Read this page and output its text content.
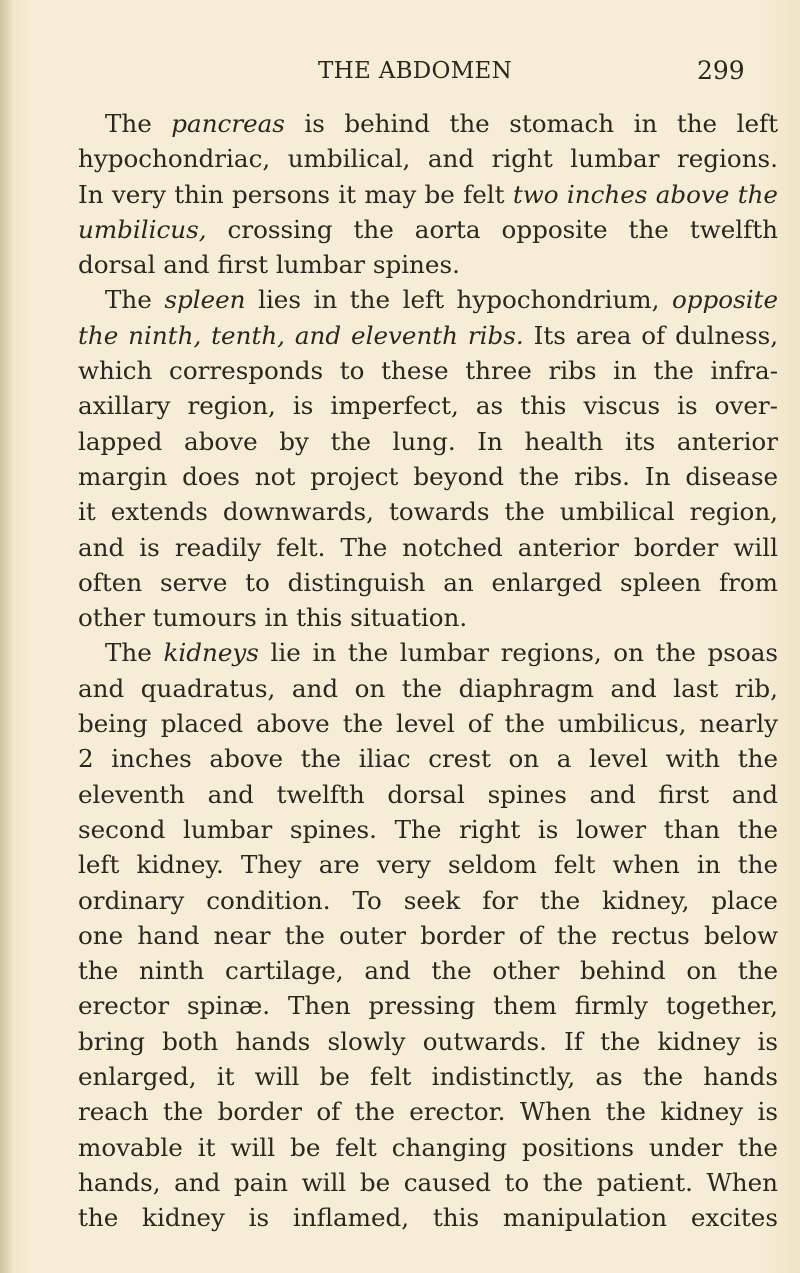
THE ABDOMEN	299
The pancreas is behind the stomach in the left
hypochondriac, umbilical, and right lumbar regions.
In very thin persons it may be felt two inches above the
umbilicus, crossing the aorta opposite the twelfth
dorsal and first lumbar spines.
The spleen lies in the left hypochondrium, opposite
the ninth, tenth, and eleventh ribs. Its area of dulness,
which corresponds to these three ribs in the infra-
axillary region, is imperfect, as this viscus is over-
lapped above by the lung. In health its anterior
margin does not project beyond the ribs. In disease
it extends downwards, towards the umbilical region,
and is readily felt. The notched anterior border will
often serve to distinguish an enlarged spleen from
other tumours in this situation.
The kidneys lie in the lumbar regions, on the psoas
and quadratus, and on the diaphragm and last rib,
being placed above the level of the umbilicus, nearly
2 inches above the iliac crest on a level with the
eleventh and twelfth dorsal spines and first and
second lumbar spines. The right is lower than the
left kidney. They are very seldom felt when in the
ordinary condition. To seek for the kidney, place
one hand near the outer border of the rectus below
the ninth cartilage, and the other behind on the
erector spinæ. Then pressing them firmly together,
bring both hands slowly outwards. If the kidney is
enlarged, it will be felt indistinctly, as the hands
reach the border of the erector. When the kidney is
movable it will be felt changing positions under the
hands, and pain will be caused to the patient. When
the kidney is inflamed, this manipulation excites
